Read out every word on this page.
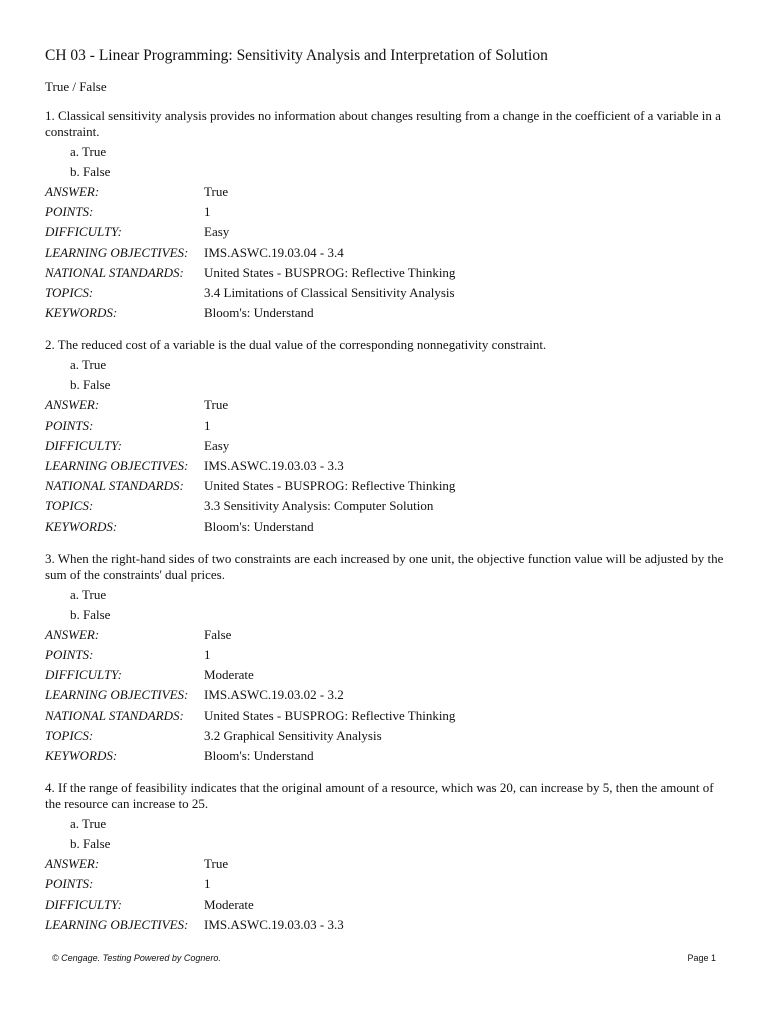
CH 03 - Linear Programming: Sensitivity Analysis and Interpretation of Solution
True / False
1. Classical sensitivity analysis provides no information about changes resulting from a change in the coefficient of a variable in a constraint.
a. True
b. False
ANSWER:	True
POINTS:	1
DIFFICULTY:	Easy
LEARNING OBJECTIVES:	IMS.ASWC.19.03.04 - 3.4
NATIONAL STANDARDS:	United States - BUSPROG: Reflective Thinking
TOPICS:	3.4 Limitations of Classical Sensitivity Analysis
KEYWORDS:	Bloom's: Understand
2. The reduced cost of a variable is the dual value of the corresponding nonnegativity constraint.
a. True
b. False
ANSWER:	True
POINTS:	1
DIFFICULTY:	Easy
LEARNING OBJECTIVES:	IMS.ASWC.19.03.03 - 3.3
NATIONAL STANDARDS:	United States - BUSPROG: Reflective Thinking
TOPICS:	3.3 Sensitivity Analysis: Computer Solution
KEYWORDS:	Bloom's: Understand
3. When the right-hand sides of two constraints are each increased by one unit, the objective function value will be adjusted by the sum of the constraints' dual prices.
a. True
b. False
ANSWER:	False
POINTS:	1
DIFFICULTY:	Moderate
LEARNING OBJECTIVES:	IMS.ASWC.19.03.02 - 3.2
NATIONAL STANDARDS:	United States - BUSPROG: Reflective Thinking
TOPICS:	3.2 Graphical Sensitivity Analysis
KEYWORDS:	Bloom's: Understand
4. If the range of feasibility indicates that the original amount of a resource, which was 20, can increase by 5, then the amount of the resource can increase to 25.
a. True
b. False
ANSWER:	True
POINTS:	1
DIFFICULTY:	Moderate
LEARNING OBJECTIVES:	IMS.ASWC.19.03.03 - 3.3
© Cengage. Testing Powered by Cognero.	Page 1
